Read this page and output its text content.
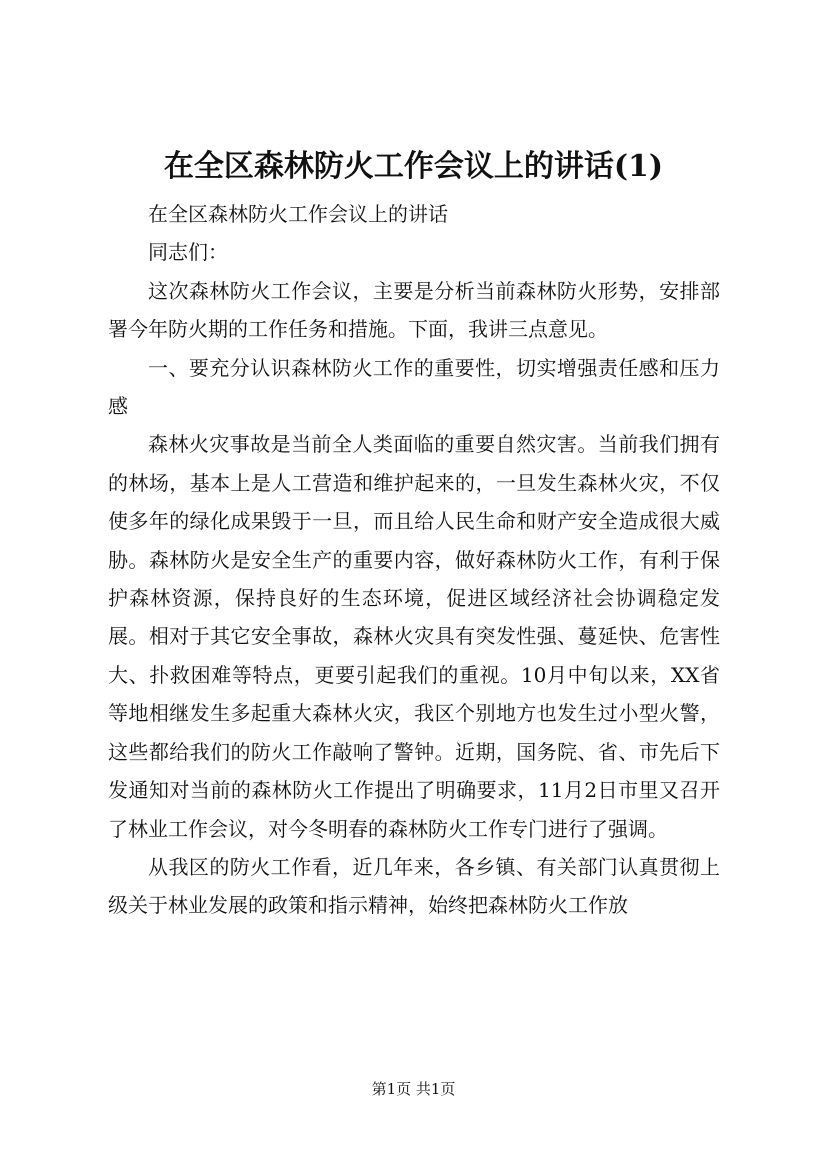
在全区森林防火工作会议上的讲话(1)

在全区森林防火工作会议上的讲话

同志们：

这次森林防火工作会议，主要是分析当前森林防火形势，安排部署今年防火期的工作任务和措施。下面，我讲三点意见。

一、要充分认识森林防火工作的重要性，切实增强责任感和压力感

森林火灾事故是当前全人类面临的重要自然灾害。当前我们拥有的林场，基本上是人工营造和维护起来的，一旦发生森林火灾，不仅使多年的绿化成果毁于一旦，而且给人民生命和财产安全造成很大威胁。森林防火是安全生产的重要内容，做好森林防火工作，有利于保护森林资源，保持良好的生态环境，促进区域经济社会协调稳定发展。相对于其它安全事故，森林火灾具有突发性强、蔓延快、危害性大、扑救困难等特点，更要引起我们的重视。10月中旬以来，XX省等地相继发生多起重大森林火灾，我区个别地方也发生过小型火警，这些都给我们的防火工作敲响了警钟。近期，国务院、省、市先后下发通知对当前的森林防火工作提出了明确要求，11月2日市里又召开了林业工作会议，对今冬明春的森林防火工作专门进行了强调。

从我区的防火工作看，近几年来，各乡镇、有关部门认真贯彻上级关于林业发展的政策和指示精神，始终把森林防火工作放

第1页 共1页
